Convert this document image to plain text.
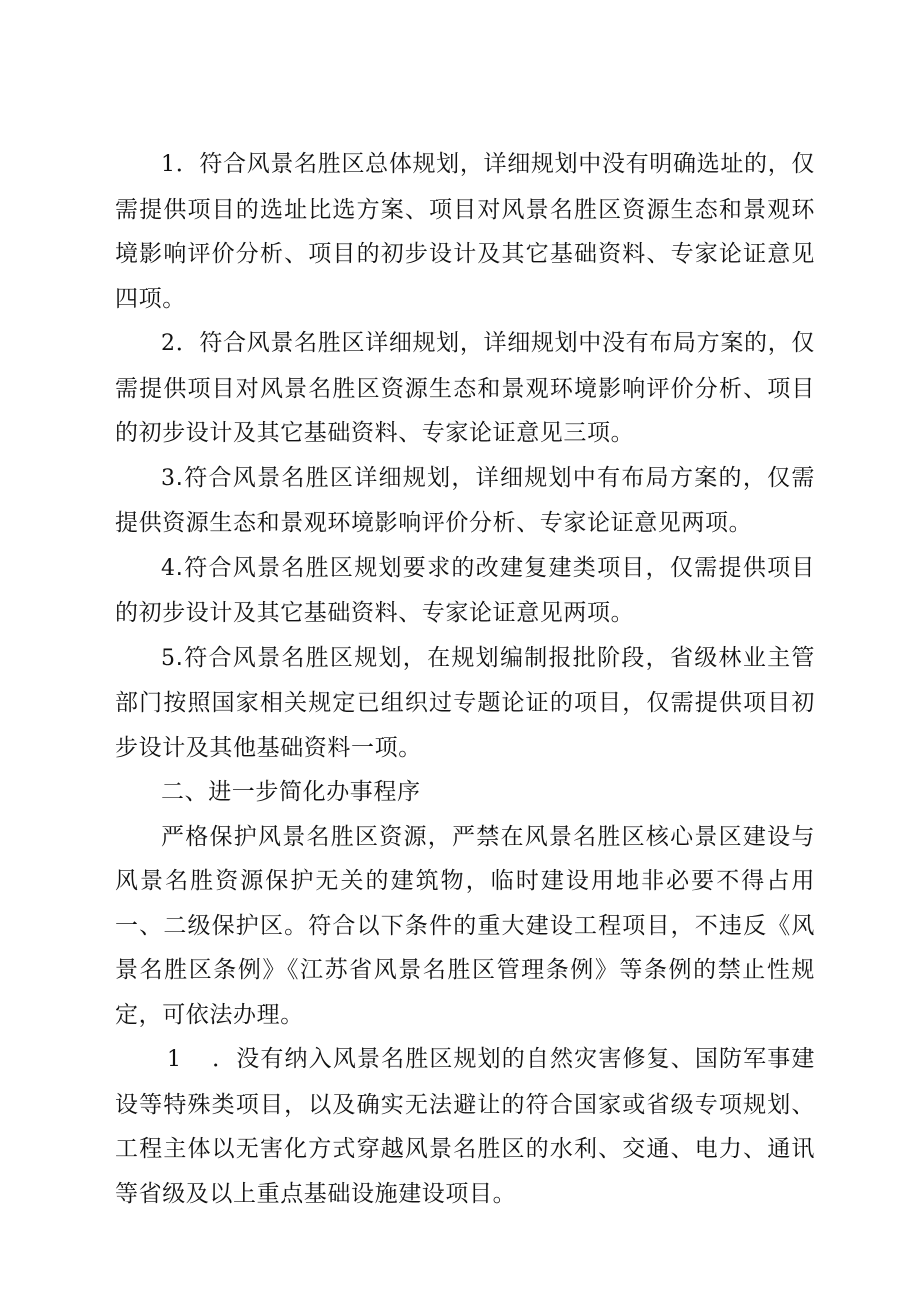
1．符合风景名胜区总体规划，详细规划中没有明确选址的，仅需提供项目的选址比选方案、项目对风景名胜区资源生态和景观环境影响评价分析、项目的初步设计及其它基础资料、专家论证意见四项。

2．符合风景名胜区详细规划，详细规划中没有布局方案的，仅需提供项目对风景名胜区资源生态和景观环境影响评价分析、项目的初步设计及其它基础资料、专家论证意见三项。

3.符合风景名胜区详细规划，详细规划中有布局方案的，仅需提供资源生态和景观环境影响评价分析、专家论证意见两项。

4.符合风景名胜区规划要求的改建复建类项目，仅需提供项目的初步设计及其它基础资料、专家论证意见两项。

5.符合风景名胜区规划，在规划编制报批阶段，省级林业主管部门按照国家相关规定已组织过专题论证的项目，仅需提供项目初步设计及其他基础资料一项。

二、进一步简化办事程序

严格保护风景名胜区资源，严禁在风景名胜区核心景区建设与风景名胜资源保护无关的建筑物，临时建设用地非必要不得占用一、二级保护区。符合以下条件的重大建设工程项目，不违反《风景名胜区条例》《江苏省风景名胜区管理条例》等条例的禁止性规定，可依法办理。

1 ．没有纳入风景名胜区规划的自然灾害修复、国防军事建设等特殊类项目，以及确实无法避让的符合国家或省级专项规划、工程主体以无害化方式穿越风景名胜区的水利、交通、电力、通讯等省级及以上重点基础设施建设项目。
